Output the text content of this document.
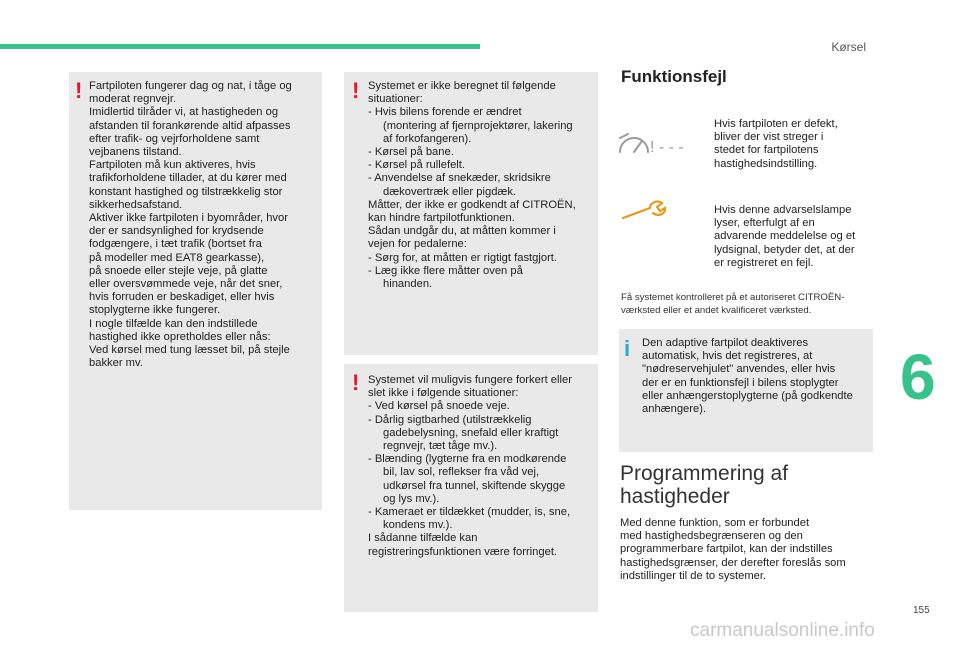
Kørsel
! Fartpiloten fungerer dag og nat, i tåge og
moderat regnvejr.
Imidlertid tilråder vi, at hastigheden og
afstanden til forankørende altid afpasses
efter trafik- og vejrforholdene samt
vejbanens tilstand.
Fartpiloten må kun aktiveres, hvis
trafikforholdene tillader, at du kører med
konstant hastighed og tilstrækkelig stor
sikkerhedsafstand.
Aktiver ikke fartpiloten i byområder, hvor
der er sandsynlighed for krydsende
fodgængere, i tæt trafik (bortset fra
på modeller med EAT8 gearkasse),
på snoede eller stejle veje, på glatte
eller oversvømmede veje, når det sner,
hvis forruden er beskadiget, eller hvis
stoplygterne ikke fungerer.
I nogle tilfælde kan den indstillede
hastighed ikke opretholdes eller nås:
Ved kørsel med tung læsset bil, på stejle
bakker mv.
! Systemet er ikke beregnet til følgende
situationer:
- Hvis bilens forende er ændret
(montering af fjernprojektører, lakering
af forkofangeren).
- Kørsel på bane.
- Kørsel på rullefelt.
- Anvendelse af snekæder, skridsikre
dækovertræk eller pigdæk.
Måtter, der ikke er godkendt af CITROËN,
kan hindre fartpilotfunktionen.
Sådan undgår du, at måtten kommer i
vejen for pedalerne:
- Sørg for, at måtten er rigtigt fastgjort.
- Læg ikke flere måtter oven på
hinanden.
! Systemet vil muligvis fungere forkert eller
slet ikke i følgende situationer:
- Ved kørsel på snoede veje.
- Dårlig sigtbarhed (utilstrækkelig
gadebelysning, snefald eller kraftigt
regnvejr, tæt tåge mv.).
- Blænding (lygterne fra en modkørende
bil, lav sol, reflekser fra våd vej,
udkørsel fra tunnel, skiftende skygge
og lys mv.).
- Kameraet er tildækket (mudder, is, sne,
kondens mv.).
I sådanne tilfælde kan
registreringsfunktionen være forringet.
Funktionsfejl
! - - -
Hvis fartpiloten er defekt,
bliver der vist streger i
stedet for fartpilotens
hastighedsindstilling.
Hvis denne advarselslampe
lyser, efterfulgt af en
advarende meddelelse og et
lydsignal, betyder det, at der
er registreret en fejl.
Få systemet kontrolleret på et autoriseret CITROËN-
værksted eller et andet kvalificeret værksted.
i Den adaptive fartpilot deaktiveres
automatisk, hvis det registreres, at
"nødreservehjulet" anvendes, eller hvis
der er en funktionsfejl i bilens stoplygter
eller anhængerstoplygterne (på godkendte
anhængere).
Programmering af
hastigheder
Med denne funktion, som er forbundet
med hastighedsbegrænseren og den
programmerbare fartpilot, kan der indstilles
hastighedsgrænser, der derefter foreslås som
indstillinger til de to systemer.
6
155
carmanualsonline.info
